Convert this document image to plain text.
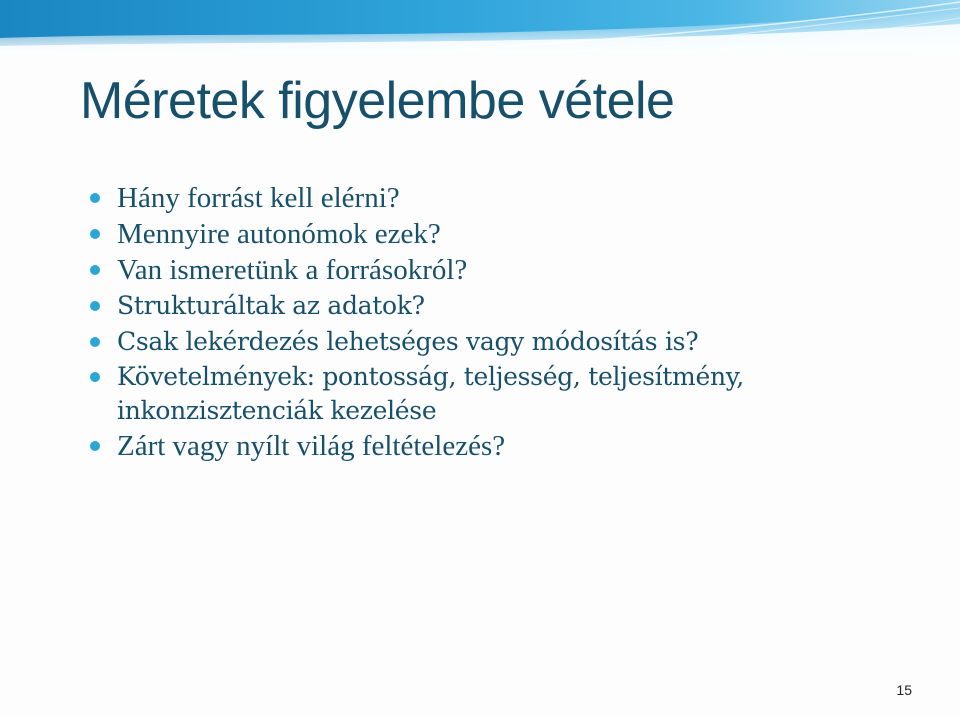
Méretek figyelembe vétele
Hány forrást kell elérni?
Mennyire autonómok ezek?
Van ismeretünk a forrásokról?
Strukturáltak az adatok?
Csak lekérdezés lehetséges vagy módosítás is?
Követelmények: pontosság, teljesség, teljesítmény,
inkonzisztenciák kezelése
Zárt vagy nyílt világ feltételezés?
15
